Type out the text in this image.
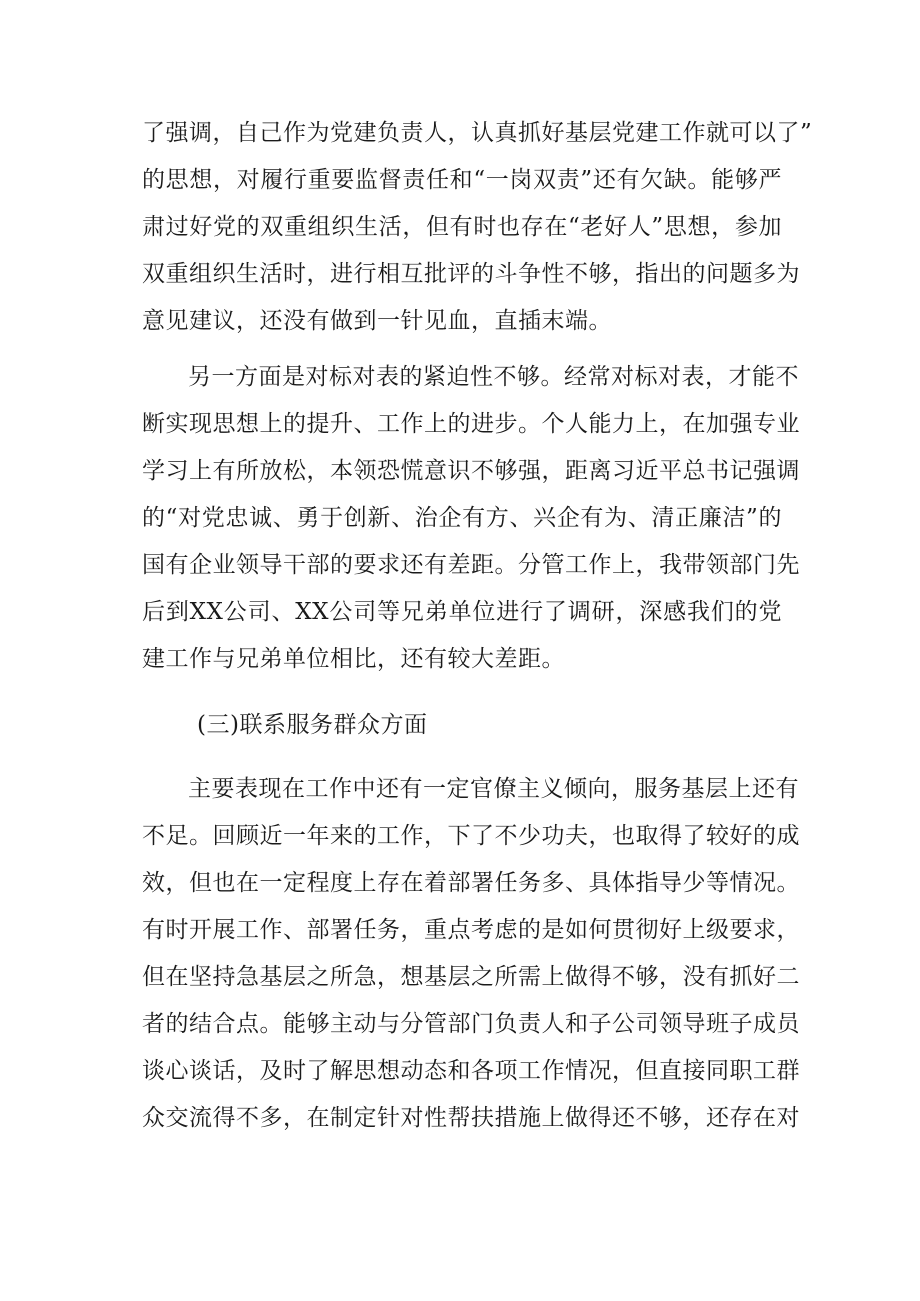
了强调，自己作为党建负责人，认真抓好基层党建工作就可以了”
的思想，对履行重要监督责任和“一岗双责”还有欠缺。能够严
肃过好党的双重组织生活，但有时也存在“老好人”思想，参加
双重组织生活时，进行相互批评的斗争性不够，指出的问题多为
意见建议，还没有做到一针见血，直插末端。
另一方面是对标对表的紧迫性不够。经常对标对表，才能不
断实现思想上的提升、工作上的进步。个人能力上，在加强专业
学习上有所放松，本领恐慌意识不够强，距离习近平总书记强调
的“对党忠诚、勇于创新、治企有方、兴企有为、清正廉洁”的
国有企业领导干部的要求还有差距。分管工作上，我带领部门先
后到XX公司、XX公司等兄弟单位进行了调研，深感我们的党
建工作与兄弟单位相比，还有较大差距。
(三)联系服务群众方面
主要表现在工作中还有一定官僚主义倾向，服务基层上还有
不足。回顾近一年来的工作，下了不少功夫，也取得了较好的成
效，但也在一定程度上存在着部署任务多、具体指导少等情况。
有时开展工作、部署任务，重点考虑的是如何贯彻好上级要求，
但在坚持急基层之所急，想基层之所需上做得不够，没有抓好二
者的结合点。能够主动与分管部门负责人和子公司领导班子成员
谈心谈话，及时了解思想动态和各项工作情况，但直接同职工群
众交流得不多，在制定针对性帮扶措施上做得还不够，还存在对
